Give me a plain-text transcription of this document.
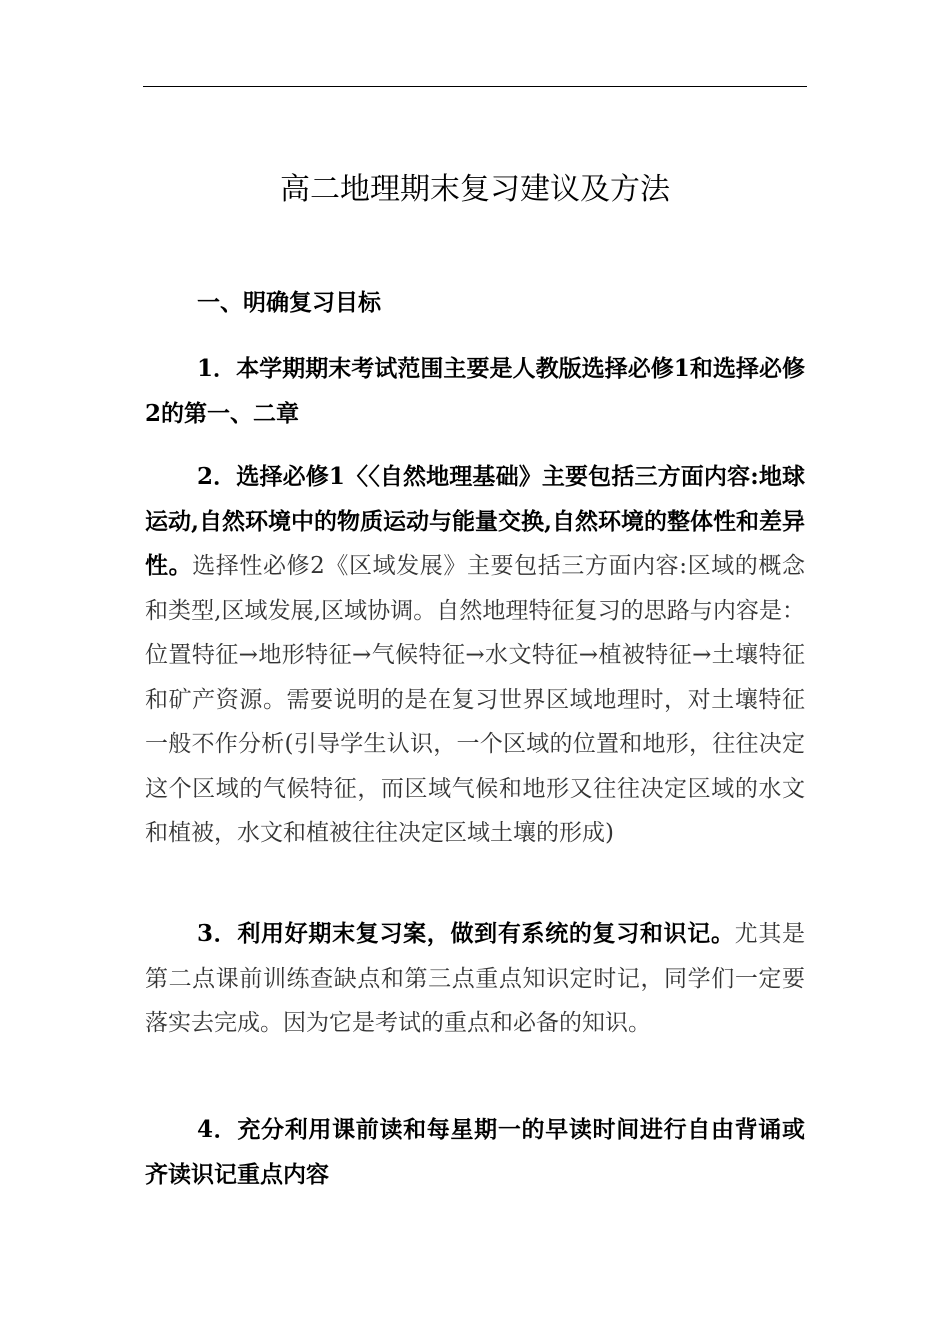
高二地理期末复习建议及方法
一、明确复习目标
1．本学期期末考试范围主要是人教版选择必修1和选择必修2的第一、二章
2．选择必修1〈〈自然地理基础》主要包括三方面内容:地球运动,自然环境中的物质运动与能量交换,自然环境的整体性和差异性。选择性必修2《区域发展》主要包括三方面内容:区域的概念和类型,区域发展,区域协调。自然地理特征复习的思路与内容是：位置特征→地形特征→气候特征→水文特征→植被特征→土壤特征和矿产资源。需要说明的是在复习世界区域地理时，对土壤特征一般不作分析(引导学生认识，一个区域的位置和地形，往往决定这个区域的气候特征，而区域气候和地形又往往决定区域的水文和植被，水文和植被往往决定区域土壤的形成)
3．利用好期末复习案，做到有系统的复习和识记。尤其是第二点课前训练查缺点和第三点重点知识定时记，同学们一定要落实去完成。因为它是考试的重点和必备的知识。
4．充分利用课前读和每星期一的早读时间进行自由背诵或齐读识记重点内容
